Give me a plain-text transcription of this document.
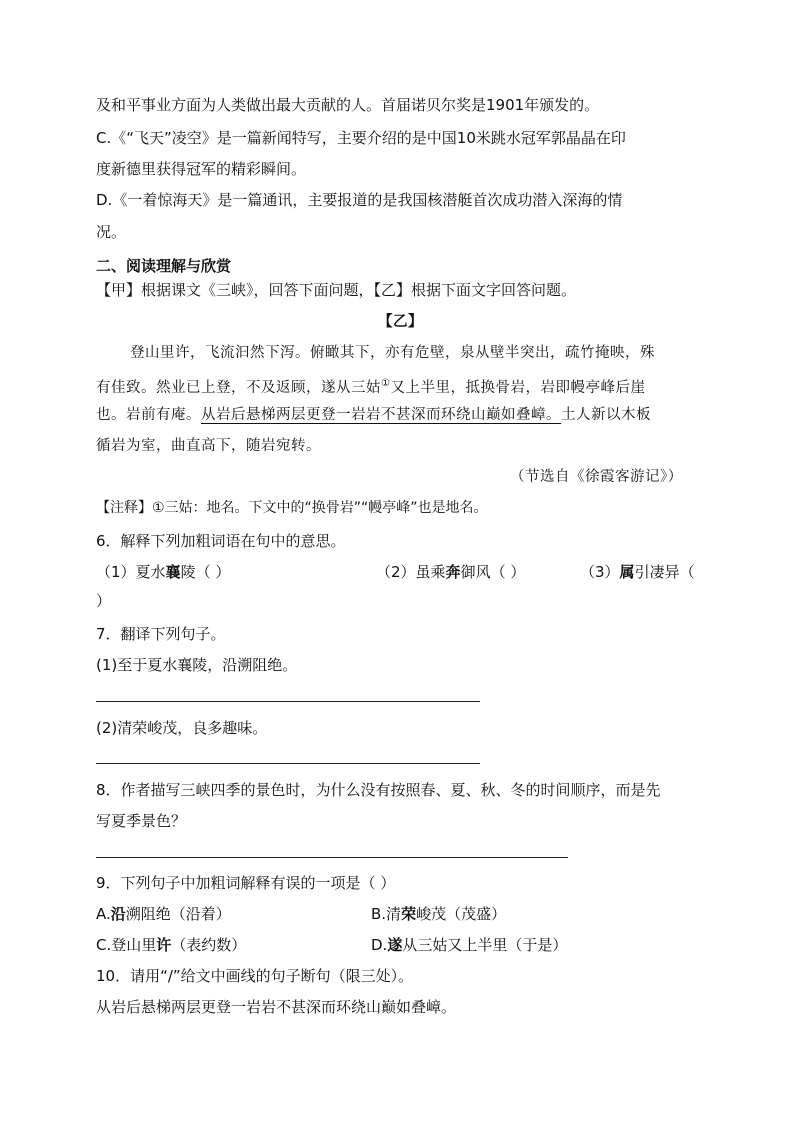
及和平事业方面为人类做出最大贡献的人。首届诺贝尔奖是1901年颁发的。
C.《“飞天”凌空》是一篇新闻特写，主要介绍的是中国10米跳水冠军郭晶晶在印
度新德里获得冠军的精彩瞬间。
D.《一着惊海天》是一篇通讯，主要报道的是我国核潜艇首次成功潜入深海的情
况。
二、阅读理解与欣赏
【甲】根据课文《三峡》，回答下面问题，【乙】根据下面文字回答问题。
【乙】
登山里许，飞流汩然下泻。俯瞰其下，亦有危壁，泉从壁半突出，疏竹掩映，殊
有佳致。然业已上登，不及返顾，遂从三姑①又上半里，抵换骨岩，岩即幔亭峰后崖
也。岩前有庵。从岩后悬梯两层更登一岩岩不甚深而环绕山巅如叠嶂。土人新以木板
循岩为室，曲直高下，随岩宛转。
（节选自《徐霞客游记》）
【注释】①三姑：地名。下文中的“换骨岩”“幔亭峰”也是地名。
6．解释下列加粗词语在句中的意思。
（1）夏水襄陵（ ）	（2）虽乘奔御风（ ）	（3）属引凄异（
）
7．翻译下列句子。
(1)至于夏水襄陵，沿溯阻绝。
(2)清荣峻茂，良多趣味。
8．作者描写三峡四季的景色时，为什么没有按照春、夏、秋、冬的时间顺序，而是先
写夏季景色？
9．下列句子中加粗词解释有误的一项是（ ）
A.沿溯阻绝（沿着）	B.清荣峻茂（茂盛）
C.登山里许（表约数）	D.遂从三姑又上半里（于是）
10．请用“/”给文中画线的句子断句（限三处）。
从岩后悬梯两层更登一岩岩不甚深而环绕山巅如叠嶂。
